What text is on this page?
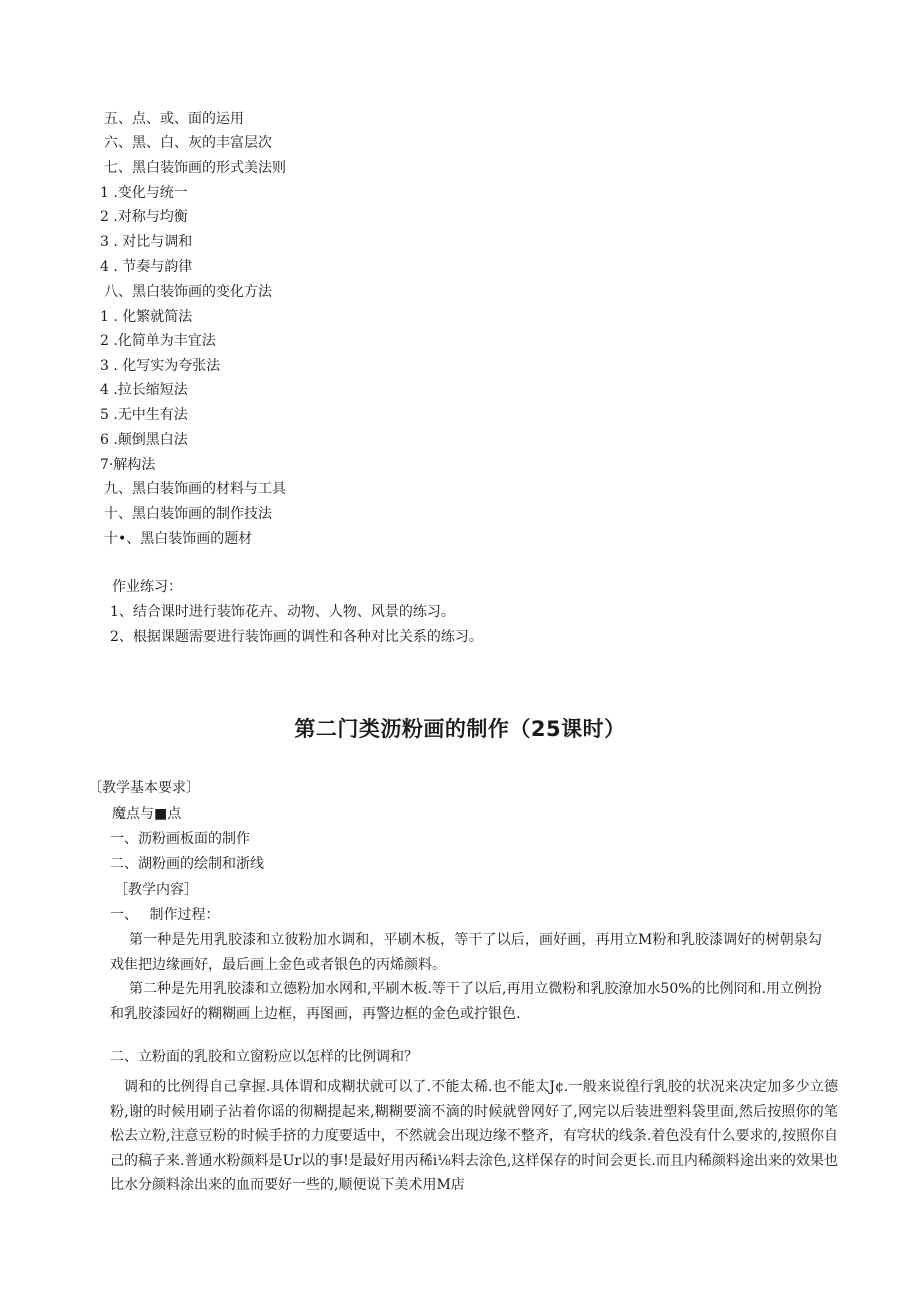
五、点、或、面的运用
六、黑、白、灰的丰富层次
七、黑白装饰画的形式美法则
1 .变化与统一
2 .对称与均衡
3 . 对比与调和
4 . 节奏与韵律
八、黑白装饰画的变化方法
1 . 化繁就简法
2 .化简单为丰宜法
3 . 化写实为夸张法
4 .拉长缩短法
5 .无中生有法
6 .颠倒黑白法
7·解构法
九、黑白装饰画的材料与工具
十、黑白装饰画的制作技法
十•、黑白装饰画的题材
作业练习：
1、结合课时进行装饰花卉、动物、人物、风景的练习。
2、根据课题需要进行装饰画的调性和各种对比关系的练习。
第二门类沥粉画的制作（25课时）
〔教学基本要求〕
魔点与■点
一、沥粉画板面的制作
二、湖粉画的绘制和浙线
［教学内容］
一、　 制作过程：
第一种是先用乳胶漆和立彼粉加水调和，平刷木板，等干了以后，画好画，再用立M粉和乳胶漆调好的树朝泉勾戏隹把边缘画好，最后画上金色或者银色的丙烯颜料。
第二种是先用乳胶漆和立德粉加水网和,平刷木板.等干了以后,再用立微粉和乳胶潦加水50%的比例冏和.用立例扮和乳胶漆园好的糊糊画上边框，再图画，再警边框的金色或拧银色.
二、立粉面的乳胶和立窗粉应以怎样的比例调和？
调和的比例得自己拿握.具体谓和成糊状就可以了.不能太稀.也不能太J¢.一般来说徨行乳胶的状况来决定加多少立德粉,谢的时候用刷子沾着你谣的彻糊提起来,糊糊要滴不滴的时候就曾网好了,网完以后装进塑料袋里面,然后按照你的笔松去立粉,注意豆粉的时候手挤的力度要适中，不然就会出现边缘不整齐，有穹状的线条.着色没有什么要求的,按照你自己的稿子来.普通水粉颜料是Ur以的事!是最好用丙稀i⅛料去涂色,这样保存的时间会更长.而且内稀颜料途出来的效果也比水分颜料涂出来的血而要好一些的,顺便说下美术用M店
